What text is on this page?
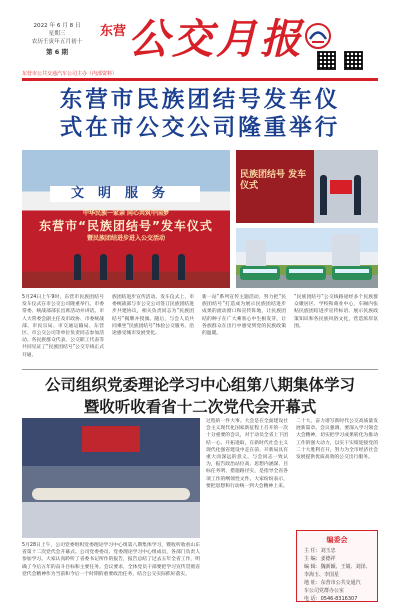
2022 年 6 月 8 日
星期三
农历壬寅年五月初十
第 6 期
东营 公交月报
东营市公共交通汽车公司主办（内部资料）
东营市民族团结号发车仪
式在市公交公司隆重举行
文明服务
中华民族一家亲 同心共筑中国梦
东营市“民族团结号”发车仪式
暨民族团结进步进入公交活动
民族团结号 发车仪式
5月24日上午9时，东营市民族团结号发车仪式在市公交公司隆重举行。市委常委、统战部部长出席活动并讲话。市人大常委会副主任及市政协、市委统战部、市民宗局、市交通运输局、东营区、市公交公司等单位负责同志参加活动。各民族群众代表、公交职工代表等共同见证了“民族团结号”公交专线正式开通。
族团结进步宣传活动。发车仪式上，市委统战部与市公交公司签订民族团结进步共建协议，相关负责同志为“民族团结号”揭牌并授旗。随后，与会人员共同乘坐“民族团结号”体验公交服务，沿途感受城市发展变化。
新一站”系列宣传主题活动，努力把“民族团结号”打造成为展示民族团结进步成果的流动窗口和宣传阵地，让民族团结的种子在广大乘客心中生根发芽，让各族群众在出行中感受到党的民族政策的温暖。
“民族团结号”公交线路途经多个民族群众聚居区、学校和商业中心，车厢内张贴民族团结进步宣传标语、展示民族政策知识和各民族风俗文化，营造浓厚氛围。
公司组织党委理论学习中心组第八期集体学习
暨收听收看省十二次党代会开幕式
5月28日上午，公司党委组织党委理论学习中心组第八期集体学习，暨收听收看山东省第十二次党代会开幕式。公司党委委员、党委理论学习中心组成员，各部门负责人参加学习。大家认真聆听了省委书记所作的报告，报告总结了过去五年全省工作，明确了今后五年的奋斗目标和主要任务。会议要求，全体党员干部要把学习宣传贯彻省党代会精神作为当前和今后一个时期的重要政治任务，结合公交实际抓好落实。
过程的一件大事。大会是在全面建设社会主义现代化国家新征程上召开的一次十分重要的会议，对于动员全省上下团结一心、开拓进取，在新时代社会主义现代化强省建设中走在前、开新局具有重大而深远的意义。与会同志一致认为，报告政治站位高、思想内涵深、目标任务明、措施路径实，是指导全省各项工作的纲领性文件。大家纷纷表示，要把思想和行动统一到大会精神上来。
二十大，奋力谱写新时代公交高质量发展新篇章。会议强调，要深入学习领会大会精神，切实把学习成果转化为推动工作的强大动力，以实干实绩迎接党的二十大胜利召开，努力为全市经济社会发展提供优质高效的公交出行服务。
编委会
主 任：刘玉忠
主 编：姜德祥
编 辑：魏新颖、王婧、刘泽、
李海玉、李国星
地 址：东营市公共交通汽
车公司党群办公室
电 话：0546-8316307
